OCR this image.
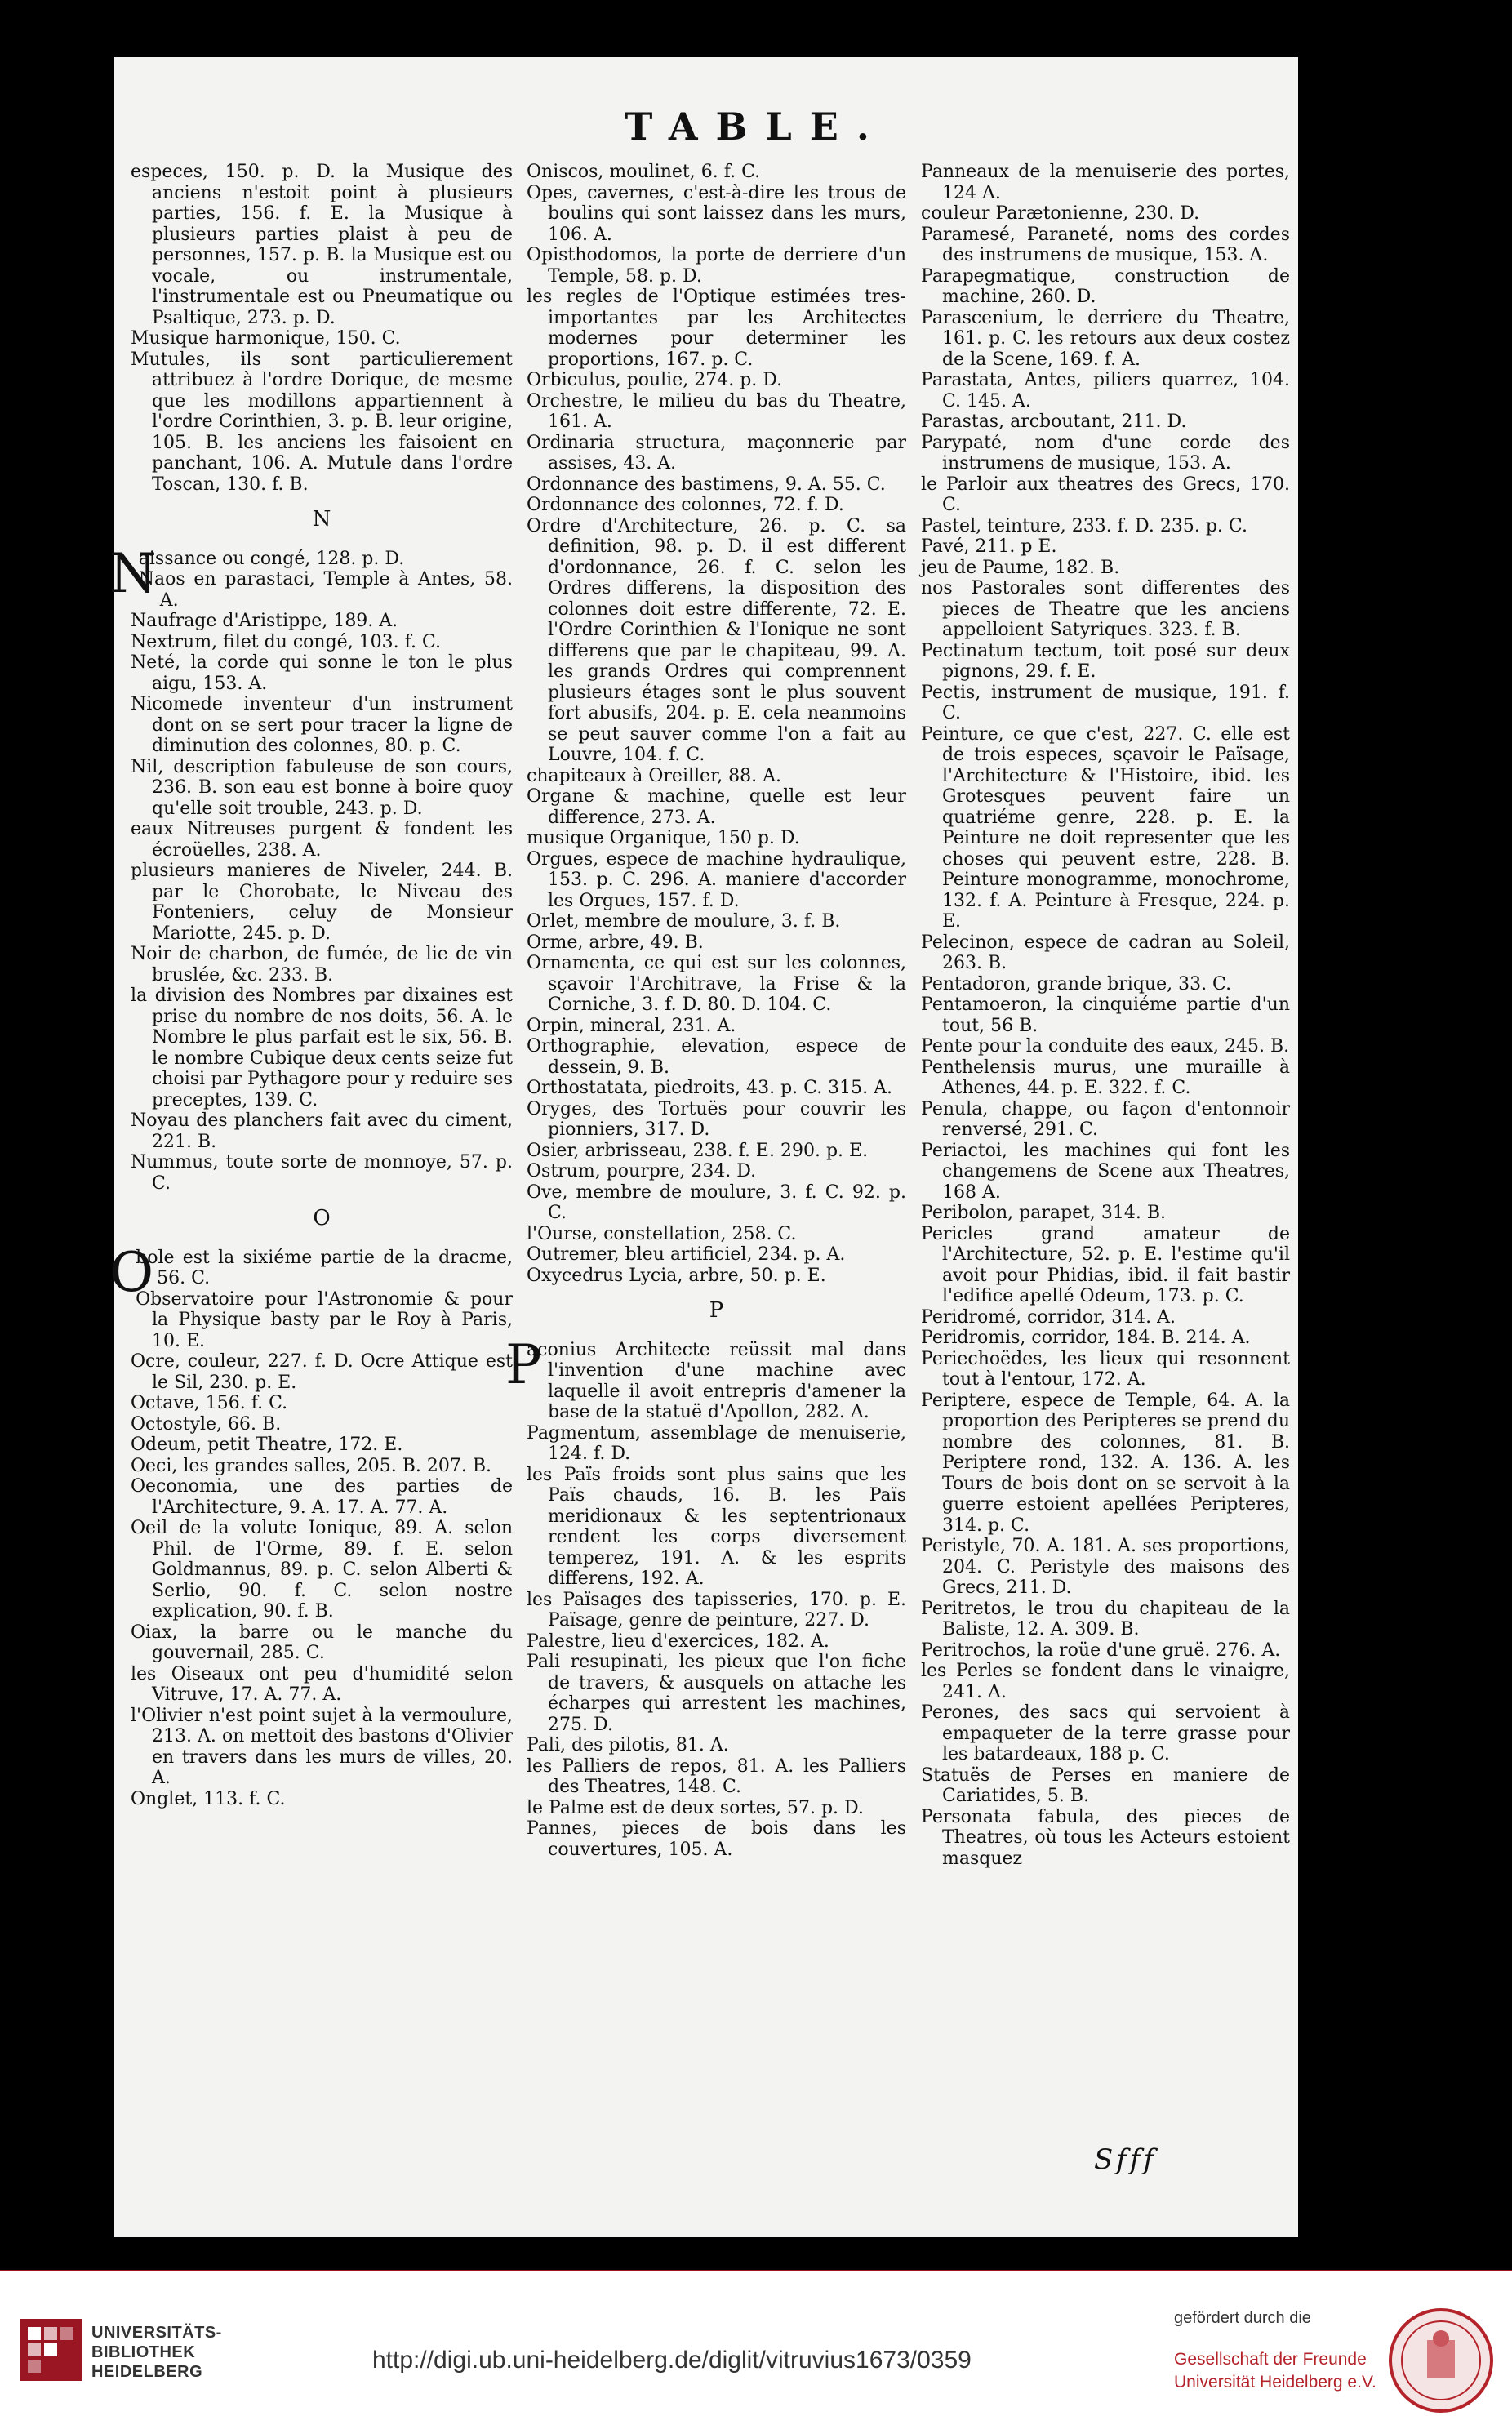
TABLE.

especes, 150. p. D. la Musique des anciens n'estoit point à plusieurs parties, 156. f. E. la Musique à plusieurs parties plaist à peu de personnes, 157. p. B. la Musique est ou vocale, ou instrumentale, l'instrumentale est ou Pneumatique ou Psaltique, 273. p. D.

Musique harmonique, 150. C.

Mutules, ils sont particulierement attribuez à l'ordre Dorique, de mesme que les modillons appartiennent à l'ordre Corinthien, 3. p. B. leur origine, 105. B. les anciens les faisoient en panchant, 106. A. Mutule dans l'ordre Toscan, 130. f. B.

N

Naissance ou congé, 128. p. D.

Naos en parastaci, Temple à Antes, 58. A.

Naufrage d'Aristippe, 189. A.

Nextrum, filet du congé, 103. f. C.

Neté, la corde qui sonne le ton le plus aigu, 153. A.

Nicomede inventeur d'un instrument dont on se sert pour tracer la ligne de diminution des colonnes, 80. p. C.

Nil, description fabuleuse de son cours, 236. B. son eau est bonne à boire quoy qu'elle soit trouble, 243. p. D.

eaux Nitreuses purgent & fondent les écroüelles, 238. A.

plusieurs manieres de Niveler, 244. B. par le Chorobate, le Niveau des Fonteniers, celuy de Monsieur Mariotte, 245. p. D.

Noir de charbon, de fumée, de lie de vin bruslée, &c. 233. B.

la division des Nombres par dixaines est prise du nombre de nos doits, 56. A. le Nombre le plus parfait est le six, 56. B. le nombre Cubique deux cents seize fut choisi par Pythagore pour y reduire ses preceptes, 139. C.

Noyau des planchers fait avec du ciment, 221. B.

Nummus, toute sorte de monnoye, 57. p. C.

O

Obole est la sixiéme partie de la dracme, 56. C.

Observatoire pour l'Astronomie & pour la Physique basty par le Roy à Paris, 10. E.

Ocre, couleur, 227. f. D. Ocre Attique est le Sil, 230. p. E.

Octave, 156. f. C.

Octostyle, 66. B.

Odeum, petit Theatre, 172. E.

Oeci, les grandes salles, 205. B. 207. B.

Oeconomia, une des parties de l'Architecture, 9. A. 17. A. 77. A.

Oeil de la volute Ionique, 89. A. selon Phil. de l'Orme, 89. f. E. selon Goldmannus, 89. p. C. selon Alberti & Serlio, 90. f. C. selon nostre explication, 90. f. B.

Oiax, la barre ou le manche du gouvernail, 285. C.

les Oiseaux ont peu d'humidité selon Vitruve, 17. A. 77. A.

l'Olivier n'est point sujet à la vermoulure, 213. A. on mettoit des bastons d'Olivier en travers dans les murs de villes, 20. A.

Onglet, 113. f. C.

Oniscos, moulinet, 6. f. C.

Opes, cavernes, c'est-à-dire les trous de boulins qui sont laissez dans les murs, 106. A.

Opisthodomos, la porte de derriere d'un Temple, 58. p. D.

les regles de l'Optique estimées tres-importantes par les Architectes modernes pour determiner les proportions, 167. p. C.

Orbiculus, poulie, 274. p. D.

Orchestre, le milieu du bas du Theatre, 161. A.

Ordinaria structura, maçonnerie par assises, 43. A.

Ordonnance des bastimens, 9. A. 55. C.

Ordonnance des colonnes, 72. f. D.

Ordre d'Architecture, 26. p. C. sa definition, 98. p. D. il est different d'ordonnance, 26. f. C. selon les Ordres differens, la disposition des colonnes doit estre differente, 72. E. l'Ordre Corinthien & l'Ionique ne sont differens que par le chapiteau, 99. A. les grands Ordres qui comprennent plusieurs étages sont le plus souvent fort abusifs, 204. p. E. cela neanmoins se peut sauver comme l'on a fait au Louvre, 104. f. C.

chapiteaux à Oreiller, 88. A.

Organe & machine, quelle est leur difference, 273. A.

musique Organique, 150 p. D.

Orgues, espece de machine hydraulique, 153. p. C. 296. A. maniere d'accorder les Orgues, 157. f. D.

Orlet, membre de moulure, 3. f. B.

Orme, arbre, 49. B.

Ornamenta, ce qui est sur les colonnes, sçavoir l'Architrave, la Frise & la Corniche, 3. f. D. 80. D. 104. C.

Orpin, mineral, 231. A.

Orthographie, elevation, espece de dessein, 9. B.

Orthostatata, piedroits, 43. p. C. 315. A.

Oryges, des Tortuës pour couvrir les pionniers, 317. D.

Osier, arbrisseau, 238. f. E. 290. p. E.

Ostrum, pourpre, 234. D.

Ove, membre de moulure, 3. f. C. 92. p. C.

l'Ourse, constellation, 258. C.

Outremer, bleu artificiel, 234. p. A.

Oxycedrus Lycia, arbre, 50. p. E.

P

Paconius Architecte reüssit mal dans l'invention d'une machine avec laquelle il avoit entrepris d'amener la base de la statuë d'Apollon, 282. A.

Pagmentum, assemblage de menuiserie, 124. f. D.

les Païs froids sont plus sains que les Païs chauds, 16. B. les Païs meridionaux & les septentrionaux rendent les corps diversement temperez, 191. A. & les esprits differens, 192. A.

les Païsages des tapisseries, 170. p. E. Païsage, genre de peinture, 227. D.

Palestre, lieu d'exercices, 182. A.

Pali resupinati, les pieux que l'on fiche de travers, & ausquels on attache les écharpes qui arrestent les machines, 275. D.

Pali, des pilotis, 81. A.

les Palliers de repos, 81. A. les Palliers des Theatres, 148. C.

le Palme est de deux sortes, 57. p. D.

Pannes, pieces de bois dans les couvertures, 105. A.

Panneaux de la menuiserie des portes, 124 A.

couleur Parætonienne, 230. D.

Paramesé, Paraneté, noms des cordes des instrumens de musique, 153. A.

Parapegmatique, construction de machine, 260. D.

Parascenium, le derriere du Theatre, 161. p. C. les retours aux deux costez de la Scene, 169. f. A.

Parastata, Antes, piliers quarrez, 104. C. 145. A.

Parastas, arcboutant, 211. D.

Parypaté, nom d'une corde des instrumens de musique, 153. A.

le Parloir aux theatres des Grecs, 170. C.

Pastel, teinture, 233. f. D. 235. p. C.

Pavé, 211. p E.

jeu de Paume, 182. B.

nos Pastorales sont differentes des pieces de Theatre que les anciens appelloient Satyriques. 323. f. B.

Pectinatum tectum, toit posé sur deux pignons, 29. f. E.

Pectis, instrument de musique, 191. f. C.

Peinture, ce que c'est, 227. C. elle est de trois especes, sçavoir le Païsage, l'Architecture & l'Histoire, ibid. les Grotesques peuvent faire un quatriéme genre, 228. p. E. la Peinture ne doit representer que les choses qui peuvent estre, 228. B. Peinture monogramme, monochrome, 132. f. A. Peinture à Fresque, 224. p. E.

Pelecinon, espece de cadran au Soleil, 263. B.

Pentadoron, grande brique, 33. C.

Pentamoeron, la cinquiéme partie d'un tout, 56 B.

Pente pour la conduite des eaux, 245. B.

Penthelensis murus, une muraille à Athenes, 44. p. E. 322. f. C.

Penula, chappe, ou façon d'entonnoir renversé, 291. C.

Periactoi, les machines qui font les changemens de Scene aux Theatres, 168 A.

Peribolon, parapet, 314. B.

Pericles grand amateur de l'Architecture, 52. p. E. l'estime qu'il avoit pour Phidias, ibid. il fait bastir l'edifice apellé Odeum, 173. p. C.

Peridromé, corridor, 314. A.

Peridromis, corridor, 184. B. 214. A.

Periechoëdes, les lieux qui resonnent tout à l'entour, 172. A.

Periptere, espece de Temple, 64. A. la proportion des Peripteres se prend du nombre des colonnes, 81. B. Periptere rond, 132. A. 136. A. les Tours de bois dont on se servoit à la guerre estoient apellées Peripteres, 314. p. C.

Peristyle, 70. A. 181. A. ses proportions, 204. C. Peristyle des maisons des Grecs, 211. D.

Peritretos, le trou du chapiteau de la Baliste, 12. A. 309. B.

Peritrochos, la roüe d'une gruë. 276. A.

les Perles se fondent dans le vinaigre, 241. A.

Perones, des sacs qui servoient à empaqueter de la terre grasse pour les batardeaux, 188 p. C.

Statuës de Perses en maniere de Cariatides, 5. B.

Personata fabula, des pieces de Theatres, où tous les Acteurs estoient masquez

Sfff
UNIVERSITÄTS-
BIBLIOTHEK
HEIDELBERG	http://digi.ub.uni-heidelberg.de/diglit/vitruvius1673/0359
gefördert durch die
Gesellschaft der Freunde
Universität Heidelberg e.V.
